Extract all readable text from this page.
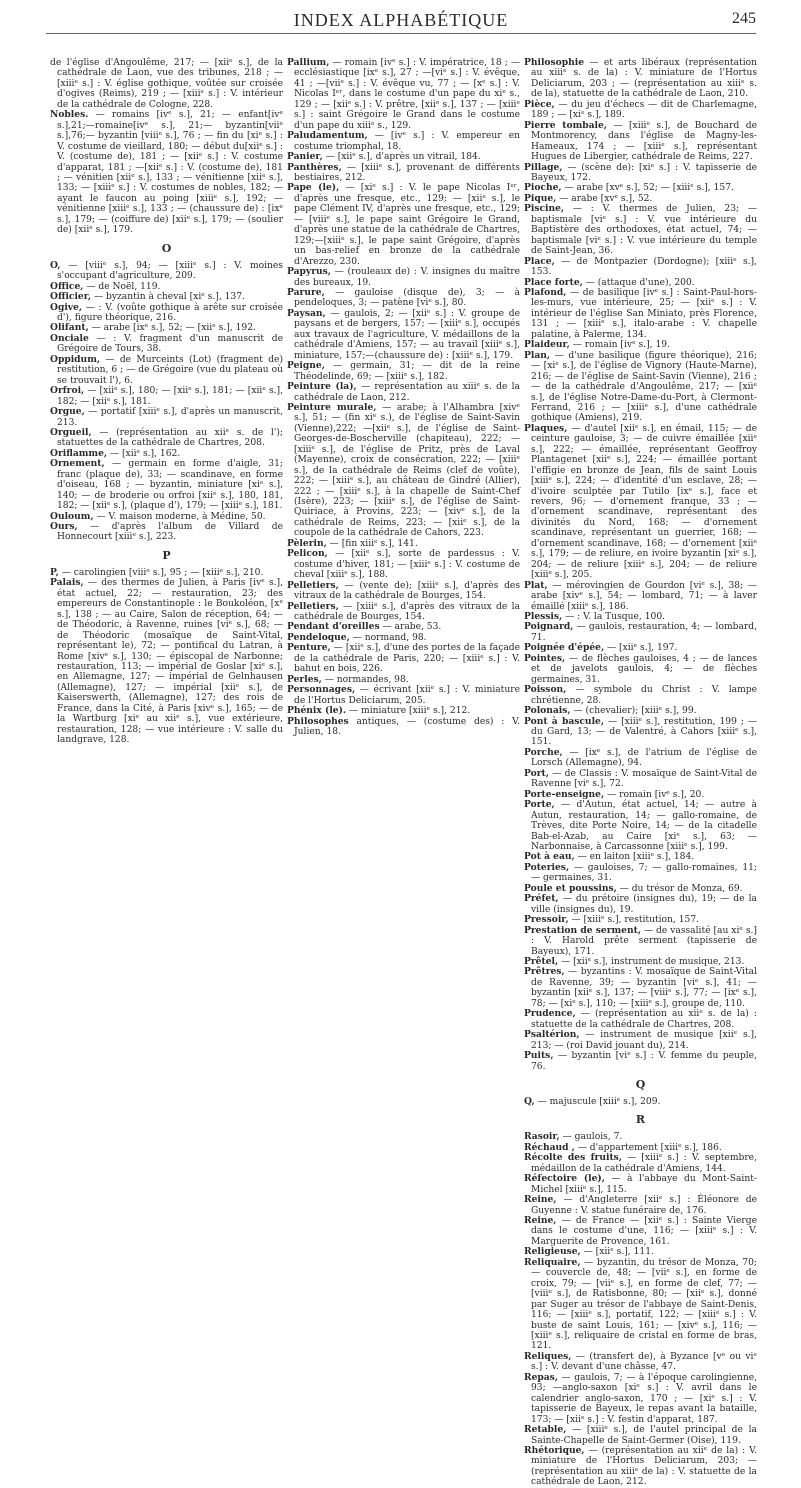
INDEX ALPHABÉTIQUE	245
de l'église d'Angoulême, 217; — [xiiᵉ s.], de la cathédrale de Laon, vue des tribunes, 218 ; — [xiiiᵉ s.] : V. église gothique, voûtée sur croisée d'ogives (Reims), 219 ; — [xiiiᵉ s.] : V. intérieur de la cathédrale de Cologne, 228.
Nobles. — romains [ivᵉ s.], 21; — enfant[ivᵉ s.],21;—romaine[ivᵉ s.], 21;— byzantin[viiᵉ s.],76;— byzantin [viiiᵉ s.], 76 ; — fin du [xiᵉ s.] : V. costume de vieillard, 180; — début du[xiiᵉ s.] : V. (costume de), 181 ; — [xiiᵉ s.] : V. costume d'apparat, 181 ; —[xiiᵉ s.] : V. (costume de), 181 ; — vénitien [xiiᵉ s.], 133 ; — vénitienne [xiiᵉ s.], 133; — [xiiiᵉ s.] : V. costumes de nobles, 182; — ayant le faucon au poing [xiiiᵉ s.], 192; — vénitienne [xiiiᵉ s.], 133 ; — (chaussure de) : [ixᵉ s.], 179; — (coiffure de) [xiiᵉ s.], 179; — (soulier de) [xiiᵉ s.], 179.
O
O, — [viiiᵉ s.], 94; — [xiiiᵉ s.] : V. moines s'occupant d'agriculture, 209.
Office, — de Noël, 119.
Officier, — byzantin à cheval [xiᵉ s.], 137.
Ogive, — : V. (voûte gothique à arête sur croisée d'), figure théorique, 216.
Olifant, — arabe [ixᵉ s.], 52; — [xiiᵉ s.], 192.
Onciale — : V. fragment d'un manuscrit de Grégoire de Tours, 38.
Oppidum, — de Murceints (Lot) (fragment de) restitution, 6 ; — de Grégoire (vue du plateau où se trouvait l'), 6.
Orfroi, — [xiiᵉ s.], 180; — [xiiᵉ s.], 181; — [xiiᵉ s.], 182; — [xiiᵉ s.], 181.
Orgue, — portatif [xiiiᵉ s.], d'après un manuscrit, 213.
Orgueil, — (représentation au xiiᵉ s. de l'); statuettes de la cathédrale de Chartres, 208.
Oriflamme, — [xiiᵉ s.], 162.
Ornement, — germain en forme d'aigle, 31; franc (plaque de), 33; — scandinave, en forme d'oiseau, 168 ; — byzantin, miniature [xiᵉ s.], 140; — de broderie ou orfroi [xiiᵉ s.], 180, 181, 182; — [xiiᵉ s.], (plaque d'), 179; — [xiiiᵉ s.], 181.
Ouloum, — V. maison moderne, à Médine, 50.
Ours, — d'après l'album de Villard de Honnecourt [xiiiᵉ s.], 223.
P
P, — carolingien [viiiᵉ s.], 95 ; — [xiiiᵉ s.], 210.
Palais, — des thermes de Julien, à Paris [ivᵉ s.], état actuel, 22; — restauration, 23; des empereurs de Constantinople : le Boukoléon, [xᵉ s.], 138 ; — au Caire, Salon de réception, 64; — de Théodoric, à Ravenne, ruines [viᵉ s.], 68; — de Théodoric (mosaïque de Saint-Vital, représentant le), 72; — pontifical du Latran, à Rome [xivᵉ s.], 130; — épiscopal de Narbonne; restauration, 113; — impérial de Goslar [xiᵉ s.], en Allemagne, 127; — impérial de Gelnhausen (Allemagne), 127; — impérial [xiiᵉ s.], de Kaiserswerth, (Allemagne), 127; des rois de France, dans la Cité, à Paris [xivᵉ s.], 165; — de la Wartburg [xiᵉ au xiiᵉ s.], vue extérieure, restauration, 128; — vue intérieure : V. salle du landgrave, 128.
Pallium, — romain [ivᵉ s.] : V. impératrice, 18 ; — ecclésiastique [ixᵉ s.], 27 ; —[viᵉ s.] : V. évêque, 41 ; —[viiᵉ s.] : V. évêque vu, 77 ; — [xᵉ s.] : V. Nicolas Iᵉʳ, dans le costume d'un pape du xiᵉ s., 129 ; — [xiiᵉ s.] : V. prêtre, [xiiᵉ s.], 137 ; — [xiiiᵉ s.] : saint Grégoire le Grand dans le costume d'un pape du xiiiᵉ s., 129.
Paludamentum, — [ivᵉ s.] : V. empereur en costume triomphal, 18.
Panier, — [xiiᵉ s.], d'après un vitrail, 184.
Panthères, — [xiiiᵉ s.], provenant de différents bestiaires, 212.
Pape (le), — [xiᵉ s.] : V. le pape Nicolas Iᵉʳ, d'après une fresque, etc., 129; — [xiiᵉ s.], le pape Clément IV, d'après une fresque, etc., 129; — [viiiᵉ s.], le pape saint Grégoire le Grand, d'après une statue de la cathédrale de Chartres, 129;—[xiiiᵉ s.], le pape saint Grégoire, d'après un bas-relief en bronze de la cathédrale d'Arezzo, 230.
Papyrus, — (rouleaux de) : V. insignes du maître des bureaux, 19.
Parure, — gauloise (disque de), 3; — à pendeloques, 3; — patène [viᵉ s.], 80.
Paysan, — gaulois, 2; — [xiiᵉ s.] : V. groupe de paysans et de bergers, 157; — [xiiiᵉ s.], occupés aux travaux de l'agriculture, V. médaillons de la cathédrale d'Amiens, 157; — au travail [xiiiᵉ s.], miniature, 157;—(chaussure de) : [xiiiᵉ s.], 179.
Peigne, — germain, 31; — dit de la reine Théodelinde, 69; — [xiiiᵉ s.], 182.
Peinture (la), — représentation au xiiiᵉ s. de la cathédrale de Laon, 212.
Peinture murale, — arabe; à l'Alhambra [xivᵉ s.], 51; — (fin xiᵉ s.), de l'église de Saint-Savin (Vienne),222; —[xiiᵉ s.], de l'église de Saint-Georges-de-Boscherville (chapiteau), 222; —[xiiiᵉ s.], de l'église de Pritz, près de Laval (Mayenne), croix de consécration, 222; — [xiiiᵉ s.], de la cathédrale de Reims (clef de voûte), 222; — [xiiiᵉ s.], au château de Gindré (Allier), 222 ; — [xiiiᵉ s.], à la chapelle de Saint-Chef (Isère), 223; — [xiiiᵉ s.], de l'église de Saint-Quiriace, à Provins, 223; — [xivᵉ s.], de la cathédrale de Reims, 223; — [xiiᵉ s.], de la coupole de la cathédrale de Cahors, 223.
Pèlerin, — [fin xiiiᵉ s.], 141.
Pelicon, — [xiiᵉ s.], sorte de pardessus : V. costume d'hiver, 181; — [xiiiᵉ s.] : V. costume de cheval [xiiiᵉ s.], 188.
Pelletiers, — (vente de); [xiiiᵉ s.], d'après des vitraux de la cathédrale de Bourges, 154.
Pelletiers, — [xiiiᵉ s.], d'après des vitraux de la cathédrale de Bourges, 154.
Pendant d'oreilles — arabe, 53.
Pendeloque, — normand, 98.
Penture, — [xiiᵉ s.], d'une des portes de la façade de la cathédrale de Paris, 220; — [xiiiᵉ s.] : V. bahut en bois, 226.
Perles, — normandes, 98.
Personnages, — écrivant [xiiᵉ s.] : V. miniature de l'Hortus Deliciarum, 205.
Phénix (le). — miniature [xiiiᵉ s.], 212.
Philosophes antiques, — (costume des) : V. Julien, 18.
Philosophie — et arts libéraux (représentation au xiiiᵉ s. de la) : V. miniature de l'Hortus Deliciarum, 203 ; — (représentation au xiiiᵉ s. de la), statuette de la cathédrale de Laon, 210.
Pièce, — du jeu d'échecs — dit de Charlemagne, 189 ; — [xiᵉ s.], 189.
Pierre tombale, — [xiiiᵉ s.], de Bouchard de Montmorency, dans l'église de Magny-les-Hameaux, 174 ; — [xiiiᵉ s.], représentant Hugues de Libergier, cathédrale de Reims, 227.
Pillage, — (scène de): [xiᵉ s.] : V. tapisserie de Bayeux, 172.
Pioche, — arabe [xvᵉ s.], 52; — [xiiiᵉ s.], 157.
Pique, — arabe [xvᵉ s.], 52.
Piscine, — : V. thermes de Julien, 23; — baptismale [viᵉ s.] : V. vue intérieure du Baptistère des orthodoxes, état actuel, 74; — baptismale [viᵉ s.] : V. vue intérieure du temple de Saint-Jean, 36.
Place, — de Montpazier (Dordogne); [xiiiᵉ s.], 153.
Place forte, — (attaque d'une), 200.
Plafond, — de basilique [ivᵉ s.] : Saint-Paul-hors-les-murs, vue intérieure, 25; — [xiiᵉ s.] : V. intérieur de l'église San Miniato, près Florence, 131 ; — [xiiiᵉ s.], italo-arabe : V. chapelle palatine, à Palerme, 134.
Plaideur, — romain [ivᵉ s.], 19.
Plan, — d'une basilique (figure théorique), 216; — [xiᵉ s.], de l'église de Vignory (Haute-Marne), 216; — de l'église de Saint-Savin (Vienne), 216 ; — de la cathédrale d'Angoulême, 217; — [xiiᵉ s.], de l'église Notre-Dame-du-Port, à Clermont-Ferrand, 216 ; — [xiiiᵉ s.], d'une cathédrale gothique (Amiens), 219.
Plaques, — d'autel [xiiᵉ s.], en émail, 115; — de ceinture gauloise, 3; — de cuivre émaillée [xiiᵉ s.], 222; — émaillée, représentant Geoffroy Plantagenet [xiiᵉ s.], 224; — émaillée portant l'effigie en bronze de Jean, fils de saint Louis [xiiiᵉ s.], 224; — d'identité d'un esclave, 28; — d'ivoire sculptée par Tutilo [ixᵉ s.], face et revers, 96; — d'ornement franque, 33 ; — d'ornement scandinave, représentant des divinités du Nord, 168; — d'ornement scandinave, représentant un guerrier, 168; — d'ornement scandinave, 168; — d'ornement [xiiᵉ s.], 179; — de reliure, en ivoire byzantin [xiᵉ s.], 204; — de reliure [xiiiᵉ s.], 204; — de reliure [xiiiᵉ s.], 205.
Plat, — mérovingien de Gourdon [viᵉ s.], 38; — arabe [xivᵉ s.], 54; — lombard, 71; — à laver émaillé [xiiiᵉ s.], 186.
Plessis, — : V. la Tusque, 100.
Poignard, — gaulois, restauration, 4; — lombard, 71.
Poignée d'épée, — [xiiᵉ s.], 197.
Pointes, — de flèches gauloises, 4 ; — de lances et de javelots gaulois, 4; — de flèches germaines, 31.
Poisson, — symbole du Christ : V. lampe chrétienne, 28.
Polonais, — (chevalier); [xiiiᵉ s.], 99.
Pont à bascule, — [xiiiᵉ s.], restitution, 199 ; — du Gard, 13; — de Valentré, à Cahors [xiiiᵉ s.], 151.
Porche, — [ixᵉ s.], de l'atrium de l'église de Lorsch (Allemagne), 94.
Port, — de Classis : V. mosaïque de Saint-Vital de Ravenne [viᵉ s.], 72.
Porte-enseigne, — romain [ivᵉ s.], 20.
Porte, — d'Autun, état actuel, 14; — autre à Autun, restauration, 14; — gallo-romaine, de Trèves, dite Porte Noire, 14; — de la citadelle Bab-el-Azab, au Caire [xiᵉ s.], 63; — Narbonnaise, à Carcassonne [xiiiᵉ s.], 199.
Pot à eau, — en laiton [xiiiᵉ s.], 184.
Poteries, — gauloises, 7; — gallo-romaines, 11; — germaines, 31.
Poule et poussins, — du trésor de Monza, 69.
Préfet, — du prétoire (insignes du), 19; — de la ville (insignes du), 19.
Pressoir, — [xiiiᵉ s.], restitution, 157.
Prestation de serment, — de vassalité [au xiᵉ s.] : V. Harold prête serment (tapisserie de Bayeux), 171.
Prêtel, — [xiiᵉ s.], instrument de musique, 213.
Prêtres, — byzantins : V. mosaïque de Saint-Vital de Ravenne, 39; — byzantin [viᵉ s.], 41; — byzantin [xiiᵉ s.], 137; — [viiiᵉ s.], 77; — [ixᵉ s.], 78; — [xiᵉ s.], 110; — [xiiiᵉ s.], groupe de, 110.
Prudence, — (représentation au xiiᵉ s. de la) : statuette de la cathédrale de Chartres, 208.
Psaltérion, — instrument de musique [xiiᵉ s.], 213; — (roi David jouant du), 214.
Puits, — byzantin [viᵉ s.] : V. femme du peuple, 76.
Q
Q, — majuscule [xiiiᵉ s.], 209.
R
Rasoir, — gaulois, 7.
Réchaud , — d'appartement [xiiiᵉ s.], 186.
Récolte des fruits, — [xiiiᵉ s.] : V. septembre, médaillon de la cathédrale d'Amiens, 144.
Réfectoire (le), — à l'abbaye du Mont-Saint-Michel [xiiiᵉ s.], 115.
Reine, — d'Angleterre [xiiᵉ s.] : Éléonore de Guyenne : V. statue funéraire de, 176.
Reine, — de France — [xiiᵉ s.] : Sainte Vierge dans le costume d'une, 116; — [xiiiᵉ s.] : V. Marguerite de Provence, 161.
Religieuse, — [xiiᵉ s.], 111.
Reliquaire, — byzantin, du trésor de Monza, 70; — couvercle de, 48; — [viiᵉ s.], en forme de croix, 79; — [viiᵉ s.], en forme de clef, 77; — [viiiᵉ s.], de Ratisbonne, 80; — [xiiᵉ s.], donné par Suger au trésor de l'abbaye de Saint-Denis, 116; — [xiiiᵉ s.], portatif, 122; — [xiiiᵉ s.] : V. buste de saint Louis, 161; — [xivᵉ s.], 116; — [xiiiᵉ s.], reliquaire de cristal en forme de bras, 121.
Reliques, — (transfert de), à Byzance [vᵉ ou viᵉ s.] : V. devant d'une châsse, 47.
Repas, — gaulois, 7; — à l'époque carolingienne, 93; —anglo-saxon [xiᵉ s.] : V. avril dans le calendrier anglo-saxon, 170 ; — [xiᵉ s.] : V. tapisserie de Bayeux, le repas avant la bataille, 173; — [xiiᵉ s.] : V. festin d'apparat, 187.
Retable, — [xiiiᵉ s.], de l'autel principal de la Sainte-Chapelle de Saint-Germer (Oise), 119.
Rhétorique, — (représentation au xiiᵉ de la) : V. miniature de l'Hortus Deliciarum, 203; — (représentation au xiiiᵉ de la) : V. statuette de la cathédrale de Laon, 212.
